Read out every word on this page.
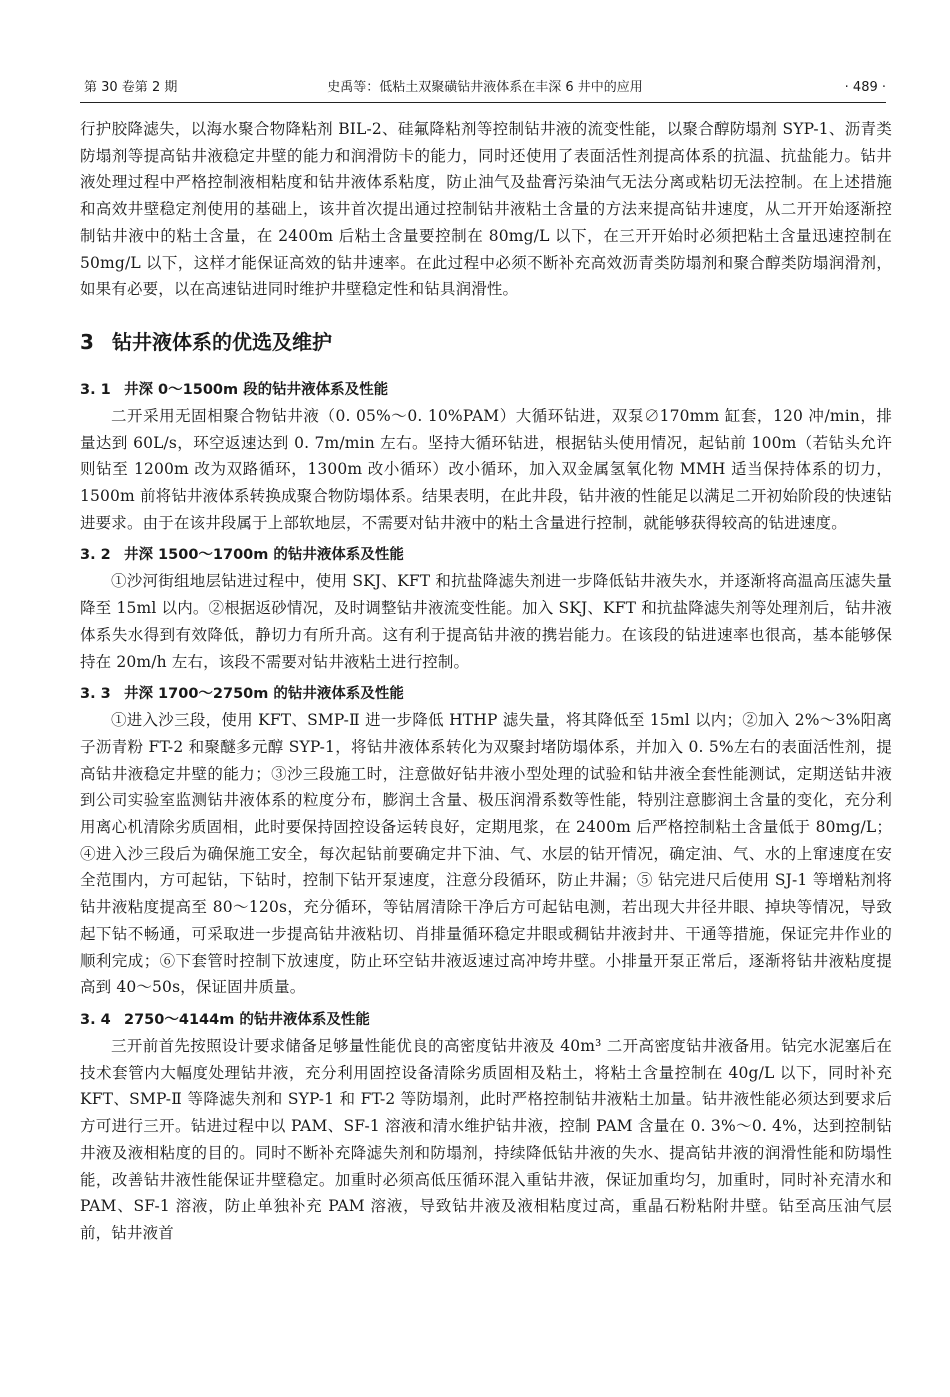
第 30 卷第 2 期	史禹等：低粘土双聚磺钻井液体系在丰深 6 井中的应用	· 489 ·

行护胶降滤失，以海水聚合物降粘剂 BIL-2、硅氟降粘剂等控制钻井液的流变性能，以聚合醇防塌剂 SYP-1、沥青类防塌剂等提高钻井液稳定井壁的能力和润滑防卡的能力，同时还使用了表面活性剂提高体系的抗温、抗盐能力。钻井液处理过程中严格控制液相粘度和钻井液体系粘度，防止油气及盐膏污染油气无法分离或粘切无法控制。在上述措施和高效井壁稳定剂使用的基础上，该井首次提出通过控制钻井液粘土含量的方法来提高钻井速度，从二开开始逐渐控制钻井液中的粘土含量，在 2400m 后粘土含量要控制在 80mg/L 以下，在三开开始时必须把粘土含量迅速控制在 50mg/L 以下，这样才能保证高效的钻井速率。在此过程中必须不断补充高效沥青类防塌剂和聚合醇类防塌润滑剂，如果有必要，以在高速钻进同时维护井壁稳定性和钻具润滑性。

3 钻井液体系的优选及维护
3. 1 井深 0～1500m 段的钻井液体系及性能

二开采用无固相聚合物钻井液（0. 05%～0. 10%PAM）大循环钻进，双泵∅170mm 缸套，120 冲/min，排量达到 60L/s，环空返速达到 0. 7m/min 左右。坚持大循环钻进，根据钻头使用情况，起钻前 100m（若钻头允许则钻至 1200m 改为双路循环，1300m 改小循环）改小循环，加入双金属氢氧化物 MMH 适当保持体系的切力，1500m 前将钻井液体系转换成聚合物防塌体系。结果表明，在此井段，钻井液的性能足以满足二开初始阶段的快速钻进要求。由于在该井段属于上部软地层，不需要对钻井液中的粘土含量进行控制，就能够获得较高的钻进速度。

3. 2 井深 1500～1700m 的钻井液体系及性能

①沙河街组地层钻进过程中，使用 SKJ、KFT 和抗盐降滤失剂进一步降低钻井液失水，并逐渐将高温高压滤失量降至 15ml 以内。②根据返砂情况，及时调整钻井液流变性能。加入 SKJ、KFT 和抗盐降滤失剂等处理剂后，钻井液体系失水得到有效降低，静切力有所升高。这有利于提高钻井液的携岩能力。在该段的钻进速率也很高，基本能够保持在 20m/h 左右，该段不需要对钻井液粘土进行控制。

3. 3 井深 1700～2750m 的钻井液体系及性能

①进入沙三段，使用 KFT、SMP-Ⅱ 进一步降低 HTHP 滤失量，将其降低至 15ml 以内；②加入 2%～3%阳离子沥青粉 FT-2 和聚醚多元醇 SYP-1，将钻井液体系转化为双聚封堵防塌体系，并加入 0. 5%左右的表面活性剂，提高钻井液稳定井壁的能力；③沙三段施工时，注意做好钻井液小型处理的试验和钻井液全套性能测试，定期送钻井液到公司实验室监测钻井液体系的粒度分布，膨润土含量、极压润滑系数等性能，特别注意膨润土含量的变化，充分利用离心机清除劣质固相，此时要保持固控设备运转良好，定期甩浆，在 2400m 后严格控制粘土含量低于 80mg/L；④进入沙三段后为确保施工安全，每次起钻前要确定井下油、气、水层的钻开情况，确定油、气、水的上窜速度在安全范围内，方可起钻，下钻时，控制下钻开泵速度，注意分段循环，防止井漏；⑤ 钻完进尺后使用 SJ-1 等增粘剂将钻井液粘度提高至 80～120s，充分循环，等钻屑清除干净后方可起钻电测，若出现大井径井眼、掉块等情况，导致起下钻不畅通，可采取进一步提高钻井液粘切、肖排量循环稳定井眼或稠钻井液封井、干通等措施，保证完井作业的顺利完成；⑥下套管时控制下放速度，防止环空钻井液返速过高冲垮井壁。小排量开泵正常后，逐渐将钻井液粘度提高到 40～50s，保证固井质量。

3. 4 2750～4144m 的钻井液体系及性能

三开前首先按照设计要求储备足够量性能优良的高密度钻井液及 40m³ 二开高密度钻井液备用。钻完水泥塞后在技术套管内大幅度处理钻井液，充分利用固控设备清除劣质固相及粘土，将粘土含量控制在 40g/L 以下，同时补充 KFT、SMP-Ⅱ 等降滤失剂和 SYP-1 和 FT-2 等防塌剂，此时严格控制钻井液粘土加量。钻井液性能必须达到要求后方可进行三开。钻进过程中以 PAM、SF-1 溶液和清水维护钻井液，控制 PAM 含量在 0. 3%～0. 4%，达到控制钻井液及液相粘度的目的。同时不断补充降滤失剂和防塌剂，持续降低钻井液的失水、提高钻井液的润滑性能和防塌性能，改善钻井液性能保证井壁稳定。加重时必须高低压循环混入重钻井液，保证加重均匀，加重时，同时补充清水和 PAM、SF-1 溶液，防止单独补充 PAM 溶液，导致钻井液及液相粘度过高，重晶石粉粘附井壁。钻至高压油气层前，钻井液首
